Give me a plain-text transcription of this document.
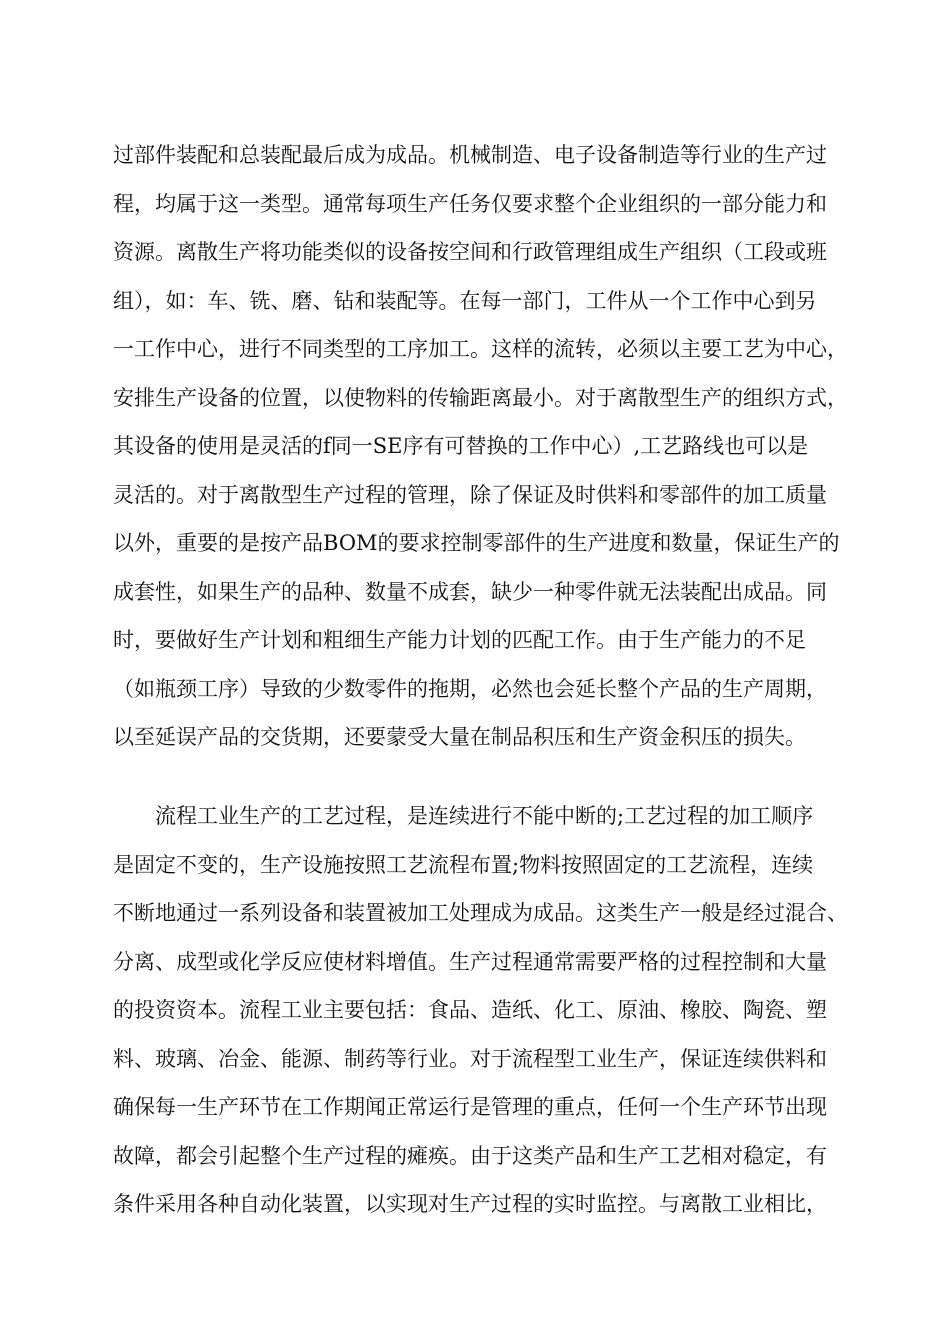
过部件装配和总装配最后成为成品。机械制造、电子设备制造等行业的生产过
程，均属于这一类型。通常每项生产任务仅要求整个企业组织的一部分能力和
资源。离散生产将功能类似的设备按空间和行政管理组成生产组织（工段或班
组），如：车、铣、磨、钻和装配等。在每一部门，工件从一个工作中心到另
一工作中心，进行不同类型的工序加工。这样的流转，必须以主要工艺为中心，
安排生产设备的位置，以使物料的传输距离最小。对于离散型生产的组织方式，
其设备的使用是灵活的f同一SE序有可替换的工作中心）,工艺路线也可以是
灵活的。对于离散型生产过程的管理，除了保证及时供料和零部件的加工质量
以外，重要的是按产品BOM的要求控制零部件的生产进度和数量，保证生产的
成套性，如果生产的品种、数量不成套，缺少一种零件就无法装配出成品。同
时，要做好生产计划和粗细生产能力计划的匹配工作。由于生产能力的不足
（如瓶颈工序）导致的少数零件的拖期，必然也会延长整个产品的生产周期，
以至延误产品的交货期，还要蒙受大量在制品积压和生产资金积压的损失。
流程工业生产的工艺过程，是连续进行不能中断的;工艺过程的加工顺序
是固定不变的，生产设施按照工艺流程布置;物料按照固定的工艺流程，连续
不断地通过一系列设备和装置被加工处理成为成品。这类生产一般是经过混合、
分离、成型或化学反应使材料增值。生产过程通常需要严格的过程控制和大量
的投资资本。流程工业主要包括：食品、造纸、化工、原油、橡胶、陶瓷、塑
料、玻璃、冶金、能源、制药等行业。对于流程型工业生产，保证连续供料和
确保每一生产环节在工作期闻正常运行是管理的重点，任何一个生产环节出现
故障，都会引起整个生产过程的瘫痪。由于这类产品和生产工艺相对稳定，有
条件采用各种自动化装置，以实现对生产过程的实时监控。与离散工业相比，
